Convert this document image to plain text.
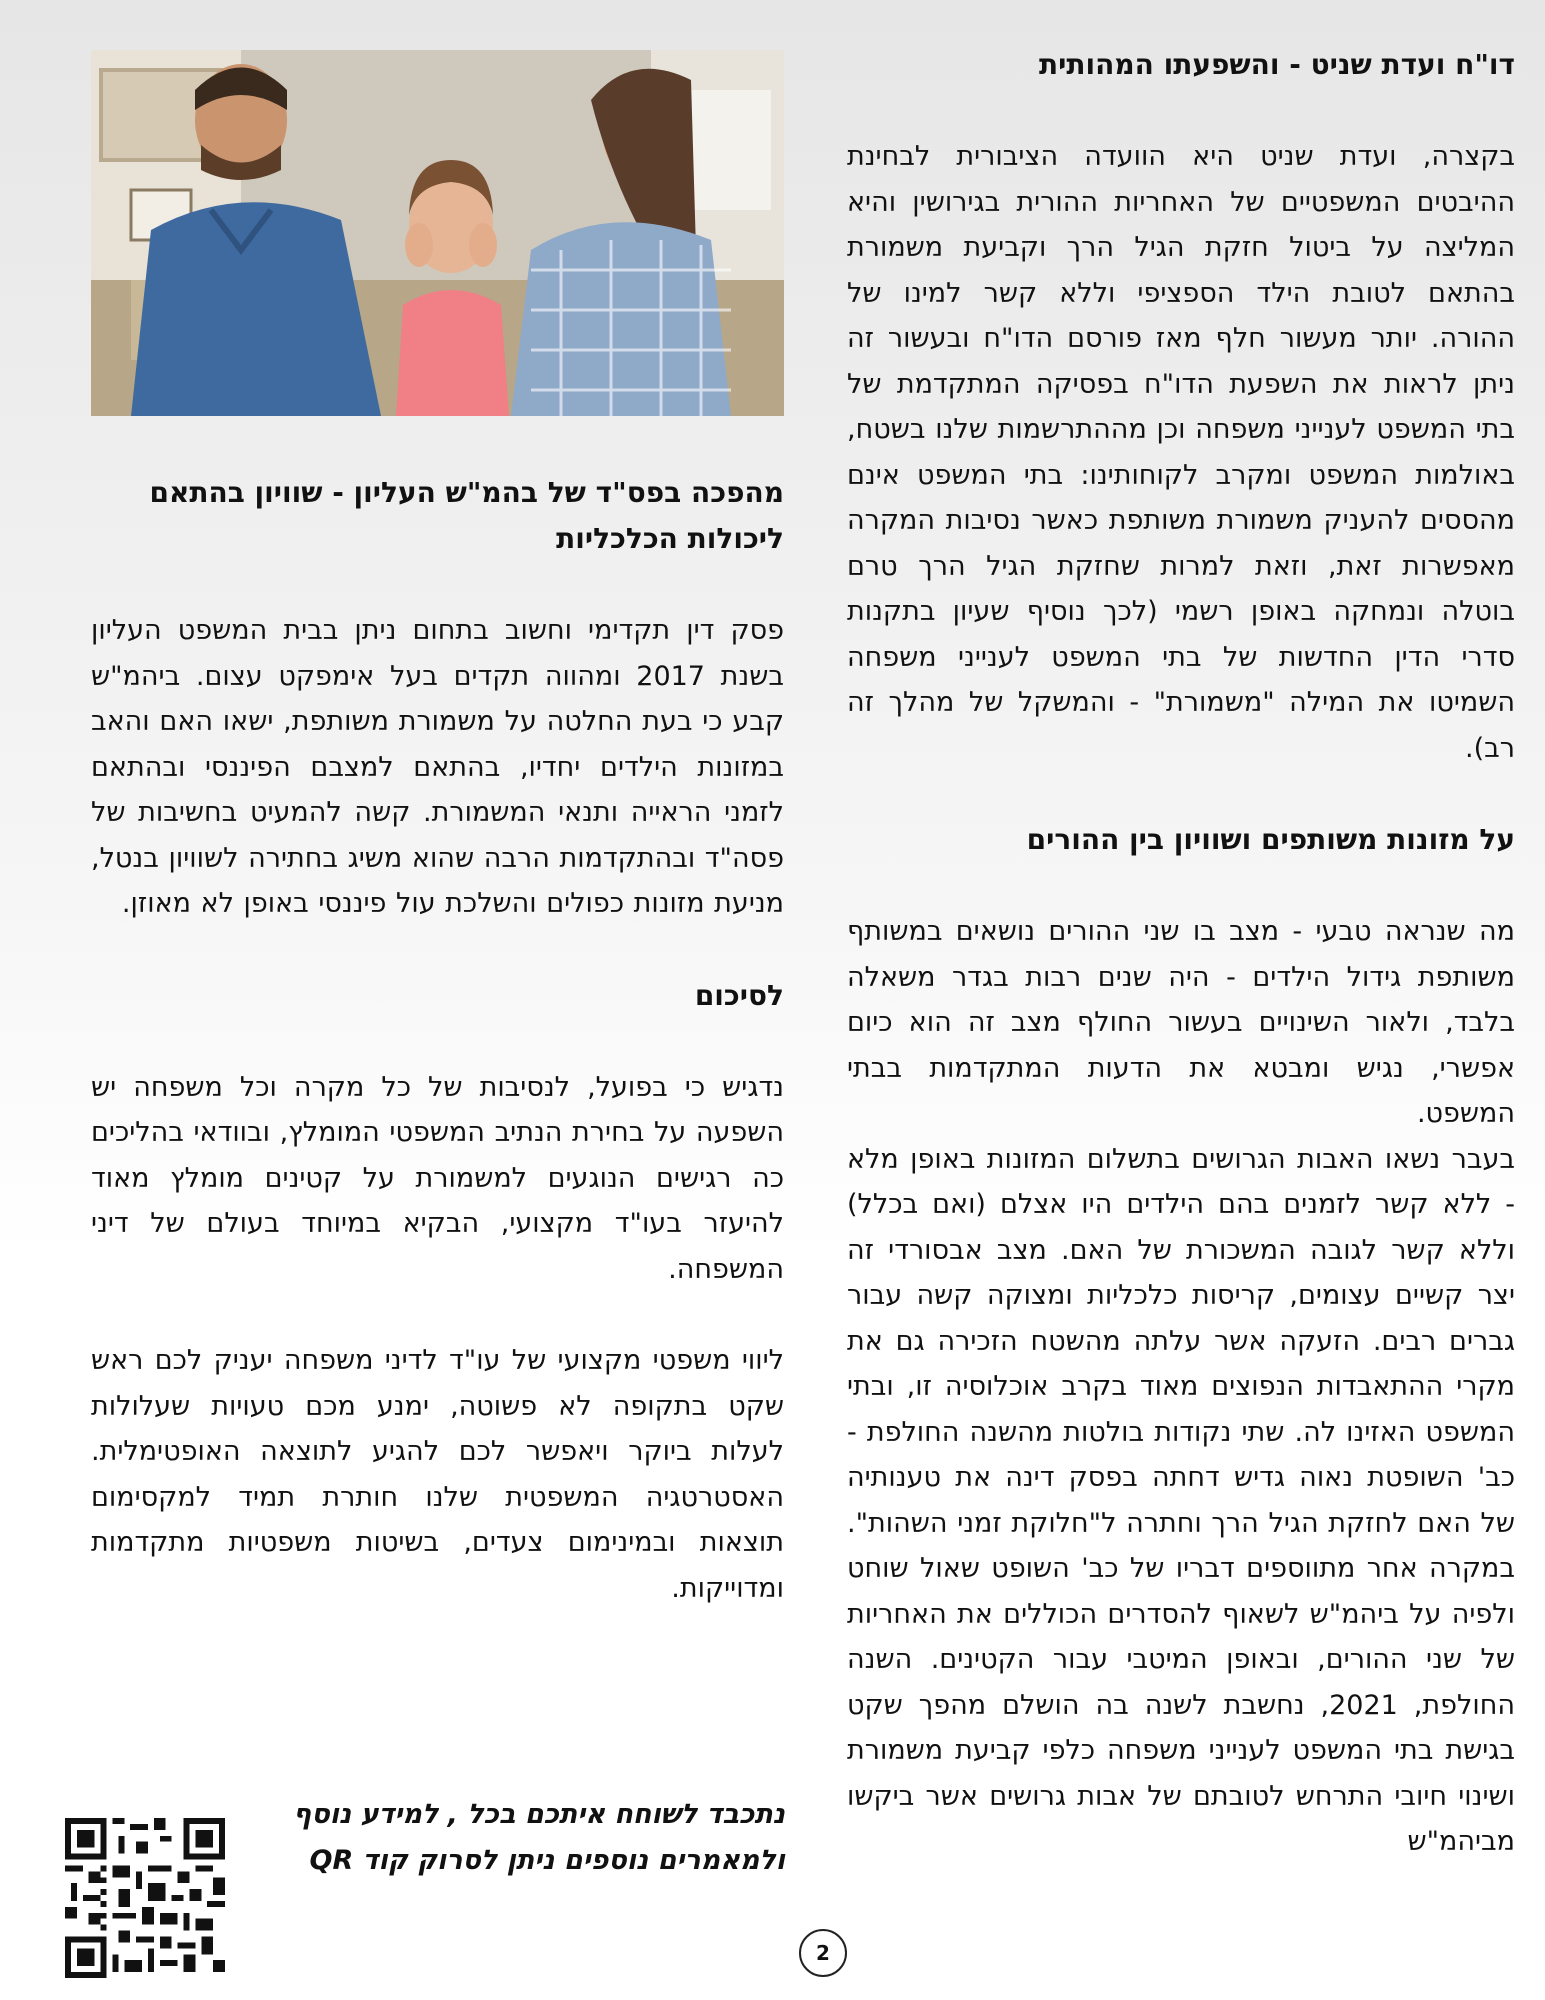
דו"ח ועדת שניט - והשפעתו המהותית

בקצרה, ועדת שניט היא הוועדה הציבורית לבחינת ההיבטים המשפטיים של האחריות ההורית בגירושין והיא המליצה על ביטול חזקת הגיל הרך וקביעת משמורת בהתאם לטובת הילד הספציפי וללא קשר למינו של ההורה. יותר מעשור חלף מאז פורסם הדו"ח ובעשור זה ניתן לראות את השפעת הדו"ח בפסיקה המתקדמת של בתי המשפט לענייני משפחה וכן מההתרשמות שלנו בשטח, באולמות המשפט ומקרב לקוחותינו: בתי המשפט אינם מהססים להעניק משמורת משותפת כאשר נסיבות המקרה מאפשרות זאת, וזאת למרות שחזקת הגיל הרך טרם בוטלה ונמחקה באופן רשמי (לכך נוסיף שעיון בתקנות סדרי הדין החדשות של בתי המשפט לענייני משפחה השמיטו את המילה "משמורת" - והמשקל של מהלך זה רב).

על מזונות משותפים ושוויון בין ההורים

מה שנראה טבעי - מצב בו שני ההורים נושאים במשותף משותפת גידול הילדים - היה שנים רבות בגדר משאלה בלבד, ולאור השינויים בעשור החולף מצב זה הוא כיום אפשרי, נגיש ומבטא את הדעות המתקדמות בבתי המשפט.

בעבר נשאו האבות הגרושים בתשלום המזונות באופן מלא - ללא קשר לזמנים בהם הילדים היו אצלם (ואם בכלל) וללא קשר לגובה המשכורת של האם. מצב אבסורדי זה יצר קשיים עצומים, קריסות כלכליות ומצוקה קשה עבור גברים רבים. הזעקה אשר עלתה מהשטח הזכירה גם את מקרי ההתאבדות הנפוצים מאוד בקרב אוכלוסיה זו, ובתי המשפט האזינו לה. שתי נקודות בולטות מהשנה החולפת - כב' השופטת נאוה גדיש דחתה בפסק דינה את טענותיה של האם לחזקת הגיל הרך וחתרה ל"חלוקת זמני השהות". במקרה אחר מתווספים דבריו של כב' השופט שאול שוחט ולפיה על ביהמ"ש לשאוף להסדרים הכוללים את האחריות של שני ההורים, ובאופן המיטבי עבור הקטינים. השנה החולפת, 2021, נחשבת לשנה בה הושלם מהפך שקט בגישת בתי המשפט לענייני משפחה כלפי קביעת משמורת ושינוי חיובי התרחש לטובתם של אבות גרושים אשר ביקשו מביהמ"ש

מהפכה בפס"ד של בהמ"ש העליון - שוויון בהתאם ליכולות הכלכליות

פסק דין תקדימי וחשוב בתחום ניתן בבית המשפט העליון בשנת 2017 ומהווה תקדים בעל אימפקט עצום. ביהמ"ש קבע כי בעת החלטה על משמורת משותפת, ישאו האם והאב במזונות הילדים יחדיו, בהתאם למצבם הפיננסי ובהתאם לזמני הראייה ותנאי המשמורת. קשה להמעיט בחשיבות של פסה"ד ובהתקדמות הרבה שהוא משיג בחתירה לשוויון בנטל, מניעת מזונות כפולים והשלכת עול פיננסי באופן לא מאוזן.

לסיכום

נדגיש כי בפועל, לנסיבות של כל מקרה וכל משפחה יש השפעה על בחירת הנתיב המשפטי המומלץ, ובוודאי בהליכים כה רגישים הנוגעים למשמורת על קטינים מומלץ מאוד להיעזר בעו"ד מקצועי, הבקיא במיוחד בעולם של דיני המשפחה.

ליווי משפטי מקצועי של עו"ד לדיני משפחה יעניק לכם ראש שקט בתקופה לא פשוטה, ימנע מכם טעויות שעלולות לעלות ביוקר ויאפשר לכם להגיע לתוצאה האופטימלית. האסטרטגיה המשפטית שלנו חותרת תמיד למקסימום תוצאות ובמינימום צעדים, בשיטות משפטיות מתקדמות ומדוייקות.

נתכבד לשוחח איתכם בכל , למידע נוסף ולמאמרים נוספים ניתן לסרוק קוד QR
2
